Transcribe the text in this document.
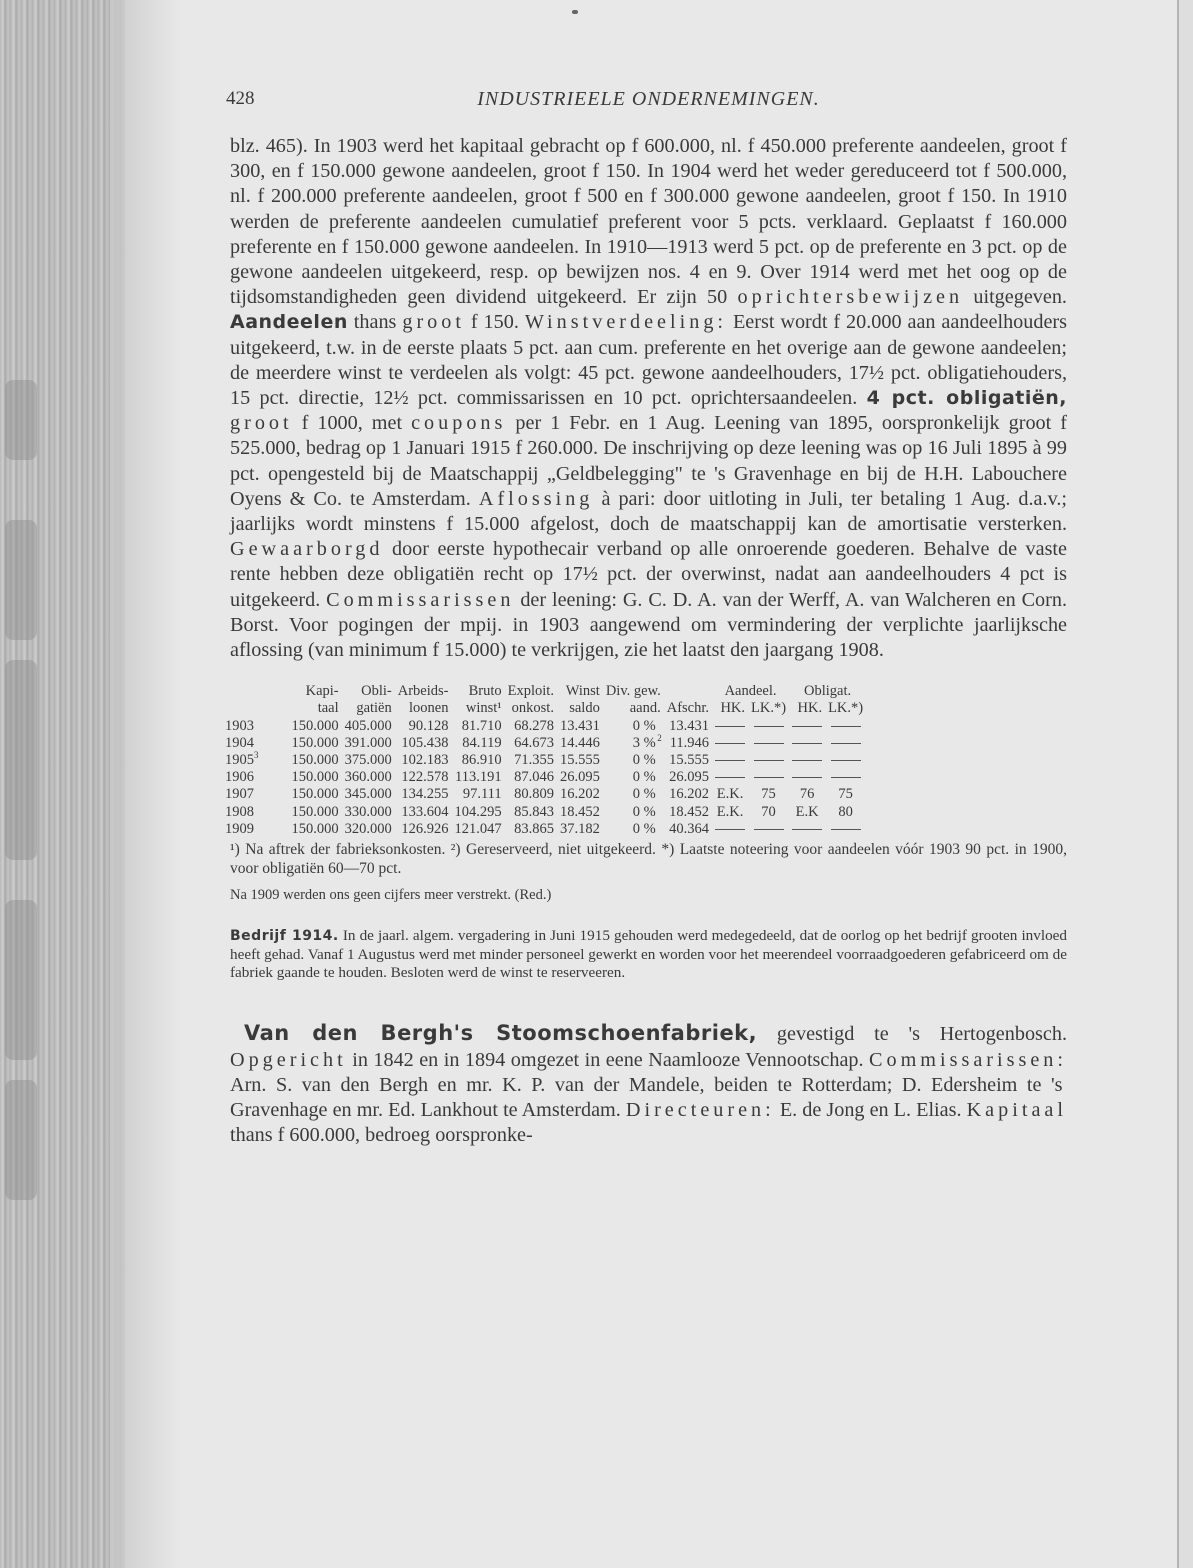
428	INDUSTRIEELE ONDERNEMINGEN.

blz. 465). In 1903 werd het kapitaal gebracht op f 600.000, nl. f 450.000 preferente aandeelen, groot f 300, en f 150.000 gewone aandeelen, groot f 150. In 1904 werd het weder gereduceerd tot f 500.000, nl. f 200.000 preferente aandeelen, groot f 500 en f 300.000 gewone aandeelen, groot f 150. In 1910 werden de preferente aandeelen cumulatief preferent voor 5 pcts. verklaard. Geplaatst f 160.000 preferente en f 150.000 gewone aandeelen. In 1910—1913 werd 5 pct. op de preferente en 3 pct. op de gewone aandeelen uitgekeerd, resp. op bewijzen nos. 4 en 9. Over 1914 werd met het oog op de tijdsomstandigheden geen dividend uitgekeerd. Er zijn 50 oprichtersbewijzen uitgegeven. Aandeelen thans groot f 150. Winstverdeeling: Eerst wordt f 20.000 aan aandeelhouders uitgekeerd, t.w. in de eerste plaats 5 pct. aan cum. preferente en het overige aan de gewone aandeelen; de meerdere winst te verdeelen als volgt: 45 pct. gewone aandeelhouders, 17½ pct. obligatiehouders, 15 pct. directie, 12½ pct. commissarissen en 10 pct. oprichtersaandeelen. 4 pct. obligatiën, groot f 1000, met coupons per 1 Febr. en 1 Aug. Leening van 1895, oorspronkelijk groot f 525.000, bedrag op 1 Januari 1915 f 260.000. De inschrijving op deze leening was op 16 Juli 1895 à 99 pct. opengesteld bij de Maatschappij „Geldbelegging" te 's Gravenhage en bij de H.H. Labouchere Oyens & Co. te Amsterdam. Aflossing à pari: door uitloting in Juli, ter betaling 1 Aug. d.a.v.; jaarlijks wordt minstens f 15.000 afgelost, doch de maatschappij kan de amortisatie versterken. Gewaarborgd door eerste hypothecair verband op alle onroerende goederen. Behalve de vaste rente hebben deze obligatiën recht op 17½ pct. der overwinst, nadat aan aandeelhouders 4 pct is uitgekeerd. Commissarissen der leening: G. C. D. A. van der Werff, A. van Walcheren en Corn. Borst. Voor pogingen der mpij. in 1903 aangewend om vermindering der verplichte jaarlijksche aflossing (van minimum f 15.000) te verkrijgen, zie het laatst den jaargang 1908.

	Kapi-	Obli-	Arbeids-	Bruto	Exploit.	Winst	Div. gew.		Aandeel.		Obligat.	
	taal	gatiën	loonen	winst¹	onkost.	saldo	aand.	Afschr.	HK.	LK.*)	HK.	LK.*)
1903	150.000	405.000	90.128	81.710	68.278	13.431	0 %	13.431				
1904	150.000	391.000	105.438	84.119	64.673	14.446	3 % $^2$	11.946				
1905$^3$	150.000	375.000	102.183	86.910	71.355	15.555	0 %	15.555				
1906	150.000	360.000	122.578	113.191	87.046	26.095	0 %	26.095				
1907	150.000	345.000	134.255	97.111	80.809	16.202	0 %	16.202	E.K.	75	76	75
1908	150.000	330.000	133.604	104.295	85.843	18.452	0 %	18.452	E.K.	70	E.K	80
1909	150.000	320.000	126.926	121.047	83.865	37.182	0 %	40.364				
¹) Na aftrek der fabrieksonkosten. ²) Gereserveerd, niet uitgekeerd. *) Laatste noteering voor aandeelen vóór 1903 90 pct. in 1900, voor obligatiën 60—70 pct.
Na 1909 werden ons geen cijfers meer verstrekt. (Red.)
Bedrijf 1914. In de jaarl. algem. vergadering in Juni 1915 gehouden werd medegedeeld, dat de oorlog op het bedrijf grooten invloed heeft gehad. Vanaf 1 Augustus werd met minder personeel gewerkt en worden voor het meerendeel voorraadgoederen gefabriceerd om de fabriek gaande te houden. Besloten werd de winst te reserveeren.
Van den Bergh's Stoomschoenfabriek, gevestigd te 's Hertogenbosch. Opgericht in 1842 en in 1894 omgezet in eene Naamlooze Vennootschap. Commissarissen: Arn. S. van den Bergh en mr. K. P. van der Mandele, beiden te Rotterdam; D. Edersheim te 's Gravenhage en mr. Ed. Lankhout te Amsterdam. Directeuren: E. de Jong en L. Elias. Kapitaal thans f 600.000, bedroeg oorspronke-
